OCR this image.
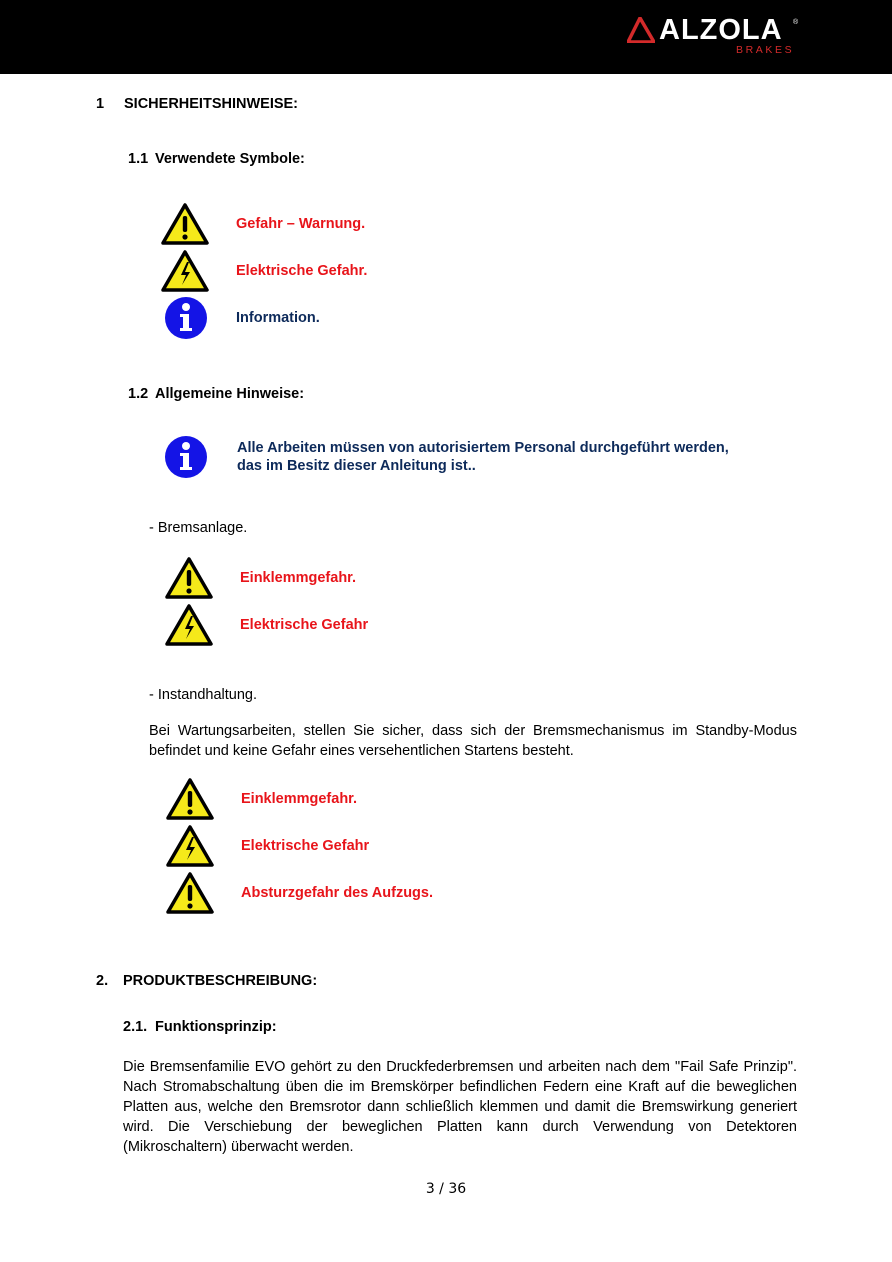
ALZOLA ®
BRAKES
1 SICHERHEITSHINWEISE:
1.1 Verwendete Symbole:
Gefahr – Warnung.
Elektrische Gefahr.
Information.
1.2 Allgemeine Hinweise:
Alle Arbeiten müssen von autorisiertem Personal durchgeführt werden,
das im Besitz dieser Anleitung ist..
- Bremsanlage.
Einklemmgefahr.
Elektrische Gefahr
- Instandhaltung.
Bei Wartungsarbeiten, stellen Sie sicher, dass sich der Bremsmechanismus im Standby-Modus befindet und keine Gefahr eines versehentlichen Startens besteht.
Einklemmgefahr.
Elektrische Gefahr
Absturzgefahr des Aufzugs.
2. PRODUKTBESCHREIBUNG:
2.1. Funktionsprinzip:
Die Bremsenfamilie EVO gehört zu den Druckfederbremsen und arbeiten nach dem "Fail Safe Prinzip". Nach Stromabschaltung üben die im Bremskörper befindlichen Federn eine Kraft auf die beweglichen Platten aus, welche den Bremsrotor dann schließlich klemmen und damit die Bremswirkung generiert wird. Die Verschiebung der beweglichen Platten kann durch Verwendung von Detektoren (Mikroschaltern) überwacht werden.
3 / 36
